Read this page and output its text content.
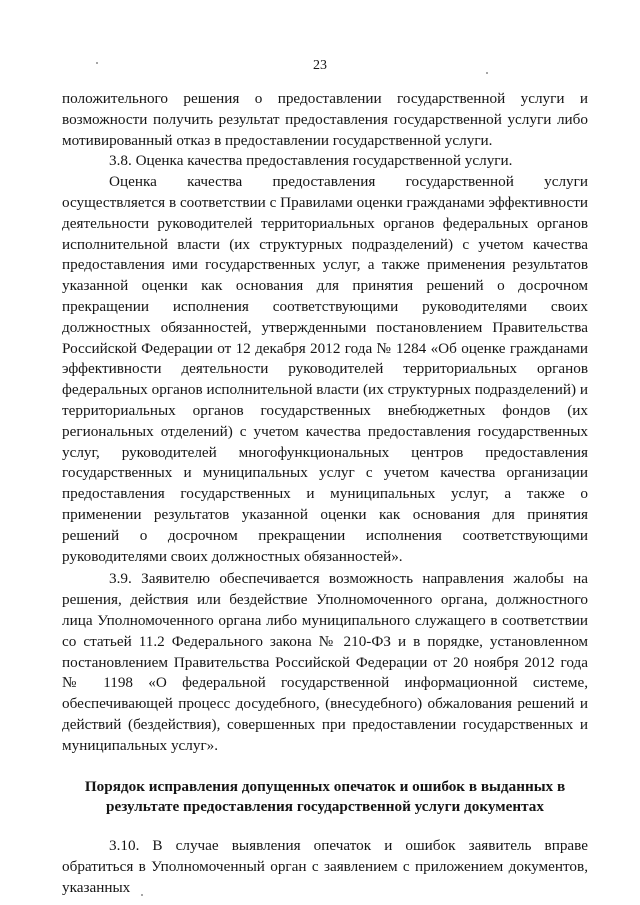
23

положительного решения о предоставлении государственной услуги и возможности получить результат предоставления государственной услуги либо мотивированный отказ в предоставлении государственной услуги.

3.8. Оценка качества предоставления государственной услуги.

Оценка качества предоставления государственной услуги осуществляется в соответствии с Правилами оценки гражданами эффективности деятельности руководителей территориальных органов федеральных органов исполнительной власти (их структурных подразделений) с учетом качества предоставления ими государственных услуг, а также применения результатов указанной оценки как основания для принятия решений о досрочном прекращении исполнения соответствующими руководителями своих должностных обязанностей, утвержденными постановлением Правительства Российской Федерации от 12 декабря 2012 года № 1284 «Об оценке гражданами эффективности деятельности руководителей территориальных органов федеральных органов исполнительной власти (их структурных подразделений) и территориальных органов государственных внебюджетных фондов (их региональных отделений) с учетом качества предоставления государственных услуг, руководителей многофункциональных центров предоставления государственных и муниципальных услуг с учетом качества организации предоставления государственных и муниципальных услуг, а также о применении результатов указанной оценки как основания для принятия решений о досрочном прекращении исполнения соответствующими руководителями своих должностных обязанностей».

3.9. Заявителю обеспечивается возможность направления жалобы на решения, действия или бездействие Уполномоченного органа, должностного лица Уполномоченного органа либо муниципального служащего в соответствии со статьей 11.2 Федерального закона № 210-ФЗ и в порядке, установленном постановлением Правительства Российской Федерации от 20 ноября 2012 года № 1198 «О федеральной государственной информационной системе, обеспечивающей процесс досудебного, (внесудебного) обжалования решений и действий (бездействия), совершенных при предоставлении государственных и муниципальных услуг».

Порядок исправления допущенных опечаток и ошибок в выданных в результате предоставления государственной услуги документах

3.10. В случае выявления опечаток и ошибок заявитель вправе обратиться в Уполномоченный орган с заявлением с приложением документов, указанных
